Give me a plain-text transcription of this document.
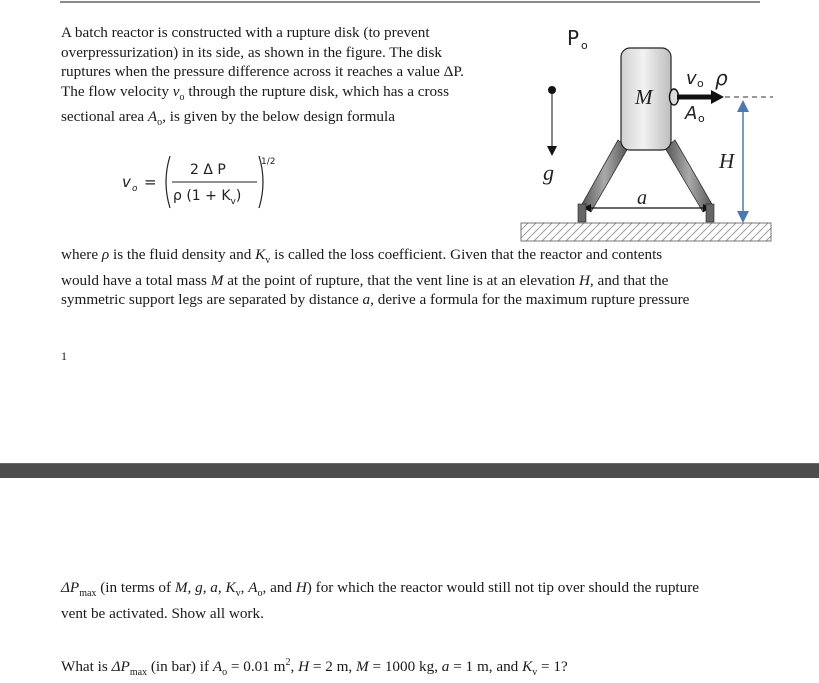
A batch reactor is constructed with a rupture disk (to prevent
overpressurization) in its side, as shown in the figure. The disk
ruptures when the pressure difference across it reaches a value ΔP.
The flow velocity $v_o$ through the rupture disk, which has a cross
sectional area $A_o$, is given by the below design formula

v o =
2 Δ P
ρ $(1 + K_v)$
1/2
P o
g
a
M
v o ρ
A o
H

where ρ is the fluid density and $K_v$ is called the loss coefficient. Given that the reactor and contents
would have a total mass M at the point of rupture, that the vent line is at an elevation H, and that the
symmetric support legs are separated by distance a, derive a formula for the maximum rupture pressure

1

$\Delta P_{max}$ (in terms of M, g, a, $K_v$, $A_o$, and H) for which the reactor would still not tip over should the rupture
vent be activated. Show all work.

What is $\Delta P_{max}$ (in bar) if $A_o = 0.01$ $m^2$, H = 2 m, M = 1000 kg, a = 1 m, and $K_v = 1$?
